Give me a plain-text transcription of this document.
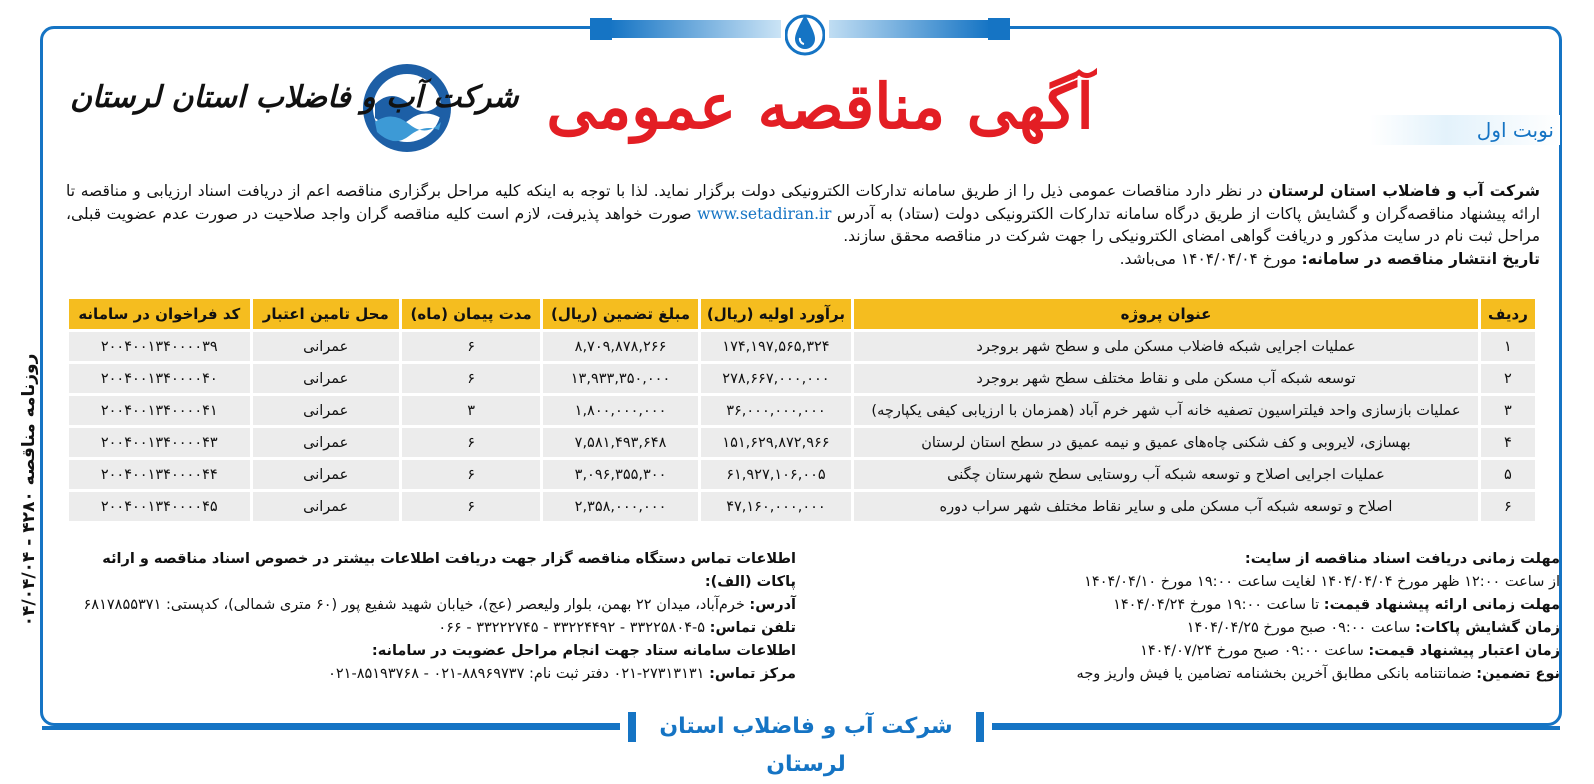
آگهی مناقصه عمومی
شرکت آب و فاضلاب استان لرستان
نوبت اول
شرکت آب و فاضلاب استان لرستان در نظر دارد مناقصات عمومی ذیل را از طریق سامانه تدارکات الکترونیکی دولت برگزار نماید. لذا با توجه به اینکه کلیه مراحل برگزاری مناقصه اعم از دریافت اسناد ارزیابی و مناقصه تا ارائه پیشنهاد مناقصه‌گران و گشایش پاکات از طریق درگاه سامانه تدارکات الکترونیکی دولت (ستاد) به آدرس www.setadiran.ir صورت خواهد پذیرفت، لازم است کلیه مناقصه گران واجد صلاحیت در صورت عدم عضویت قبلی، مراحل ثبت نام در سایت مذکور و دریافت گواهی امضای الکترونیکی را جهت شرکت در مناقصه محقق سازند.
تاریخ انتشار مناقصه در سامانه: مورخ ۱۴۰۴/۰۴/۰۴ می‌باشد.
ردیف	عنوان پروژه	برآورد اولیه (ریال)	مبلغ تضمین (ریال)	مدت پیمان (ماه)	محل تامین اعتبار	کد فراخوان در سامانه
۱	عملیات اجرایی شبکه فاضلاب مسکن ملی و سطح شهر بروجرد	۱۷۴,۱۹۷,۵۶۵,۳۲۴	۸,۷۰۹,۸۷۸,۲۶۶	۶	عمرانی	۲۰۰۴۰۰۱۳۴۰۰۰۰۳۹
۲	توسعه شبکه آب مسکن ملی و نقاط مختلف سطح شهر بروجرد	۲۷۸,۶۶۷,۰۰۰,۰۰۰	۱۳,۹۳۳,۳۵۰,۰۰۰	۶	عمرانی	۲۰۰۴۰۰۱۳۴۰۰۰۰۴۰
۳	عملیات بازسازی واحد فیلتراسیون تصفیه خانه آب شهر خرم آباد (همزمان با ارزیابی کیفی یکپارچه)	۳۶,۰۰۰,۰۰۰,۰۰۰	۱,۸۰۰,۰۰۰,۰۰۰	۳	عمرانی	۲۰۰۴۰۰۱۳۴۰۰۰۰۴۱
۴	بهسازی، لایروبی و کف شکنی چاه‌های عمیق و نیمه عمیق در سطح استان لرستان	۱۵۱,۶۲۹,۸۷۲,۹۶۶	۷,۵۸۱,۴۹۳,۶۴۸	۶	عمرانی	۲۰۰۴۰۰۱۳۴۰۰۰۰۴۳
۵	عملیات اجرایی اصلاح و توسعه شبکه آب روستایی سطح شهرستان چگنی	۶۱,۹۲۷,۱۰۶,۰۰۵	۳,۰۹۶,۳۵۵,۳۰۰	۶	عمرانی	۲۰۰۴۰۰۱۳۴۰۰۰۰۴۴
۶	اصلاح و توسعه شبکه آب مسکن ملی و سایر نقاط مختلف شهر سراب دوره	۴۷,۱۶۰,۰۰۰,۰۰۰	۲,۳۵۸,۰۰۰,۰۰۰	۶	عمرانی	۲۰۰۴۰۰۱۳۴۰۰۰۰۴۵
مهلت زمانی دریافت اسناد مناقصه از سایت:
از ساعت ۱۲:۰۰ ظهر مورخ ۱۴۰۴/۰۴/۰۴ لغایت ساعت ۱۹:۰۰ مورخ ۱۴۰۴/۰۴/۱۰
مهلت زمانی ارائه پیشنهاد قیمت: تا ساعت ۱۹:۰۰ مورخ ۱۴۰۴/۰۴/۲۴
زمان گشایش پاکات: ساعت ۰۹:۰۰ صبح مورخ ۱۴۰۴/۰۴/۲۵
زمان اعتبار پیشنهاد قیمت: ساعت ۰۹:۰۰ صبح مورخ ۱۴۰۴/۰۷/۲۴
نوع تضمین: ضمانتنامه بانکی مطابق آخرین بخشنامه تضامین یا فیش واریز وجه
اطلاعات تماس دستگاه مناقصه گزار جهت دریافت اطلاعات بیشتر در خصوص اسناد مناقصه و ارائه پاکات (الف):
آدرس: خرم‌آباد، میدان ۲۲ بهمن، بلوار ولیعصر (عج)، خیابان شهید شفیع پور (۶۰ متری شمالی)، کدپستی: ۶۸۱۷۸۵۵۳۷۱
تلفن تماس: ۵-۳۳۲۲۵۸۰۴ - ۳۳۲۲۴۴۹۲ - ۳۳۲۲۲۷۴۵ - ۰۶۶
اطلاعات سامانه ستاد جهت انجام مراحل عضویت در سامانه:
مرکز تماس: ۲۷۳۱۳۱۳۱-۰۲۱ دفتر ثبت نام: ۸۸۹۶۹۷۳۷-۰۲۱ - ۸۵۱۹۳۷۶۸-۰۲۱
روزنامه مناقصه ۴۲۸۰ - ۰۴/۰۴/۰۴
شرکت آب و فاضلاب استان لرستان
